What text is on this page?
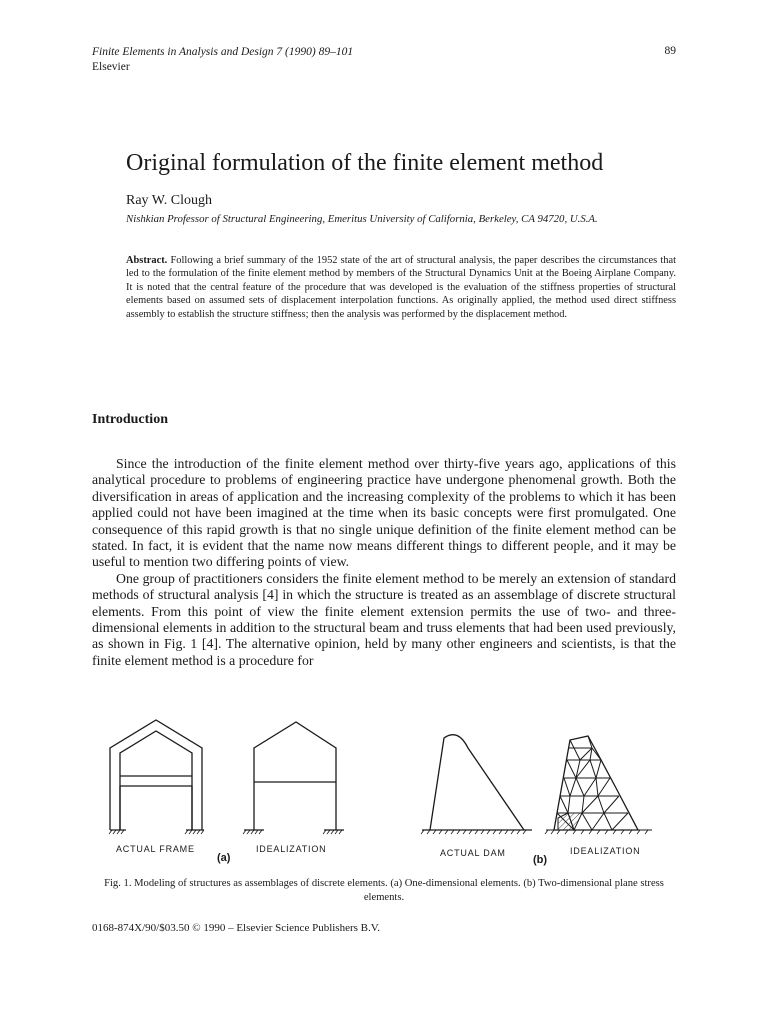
Finite Elements in Analysis and Design 7 (1990) 89–101
Elsevier
89
Original formulation of the finite element method
Ray W. Clough
Nishkian Professor of Structural Engineering, Emeritus University of California, Berkeley, CA 94720, U.S.A.
Abstract. Following a brief summary of the 1952 state of the art of structural analysis, the paper describes the circumstances that led to the formulation of the finite element method by members of the Structural Dynamics Unit at the Boeing Airplane Company. It is noted that the central feature of the procedure that was developed is the evaluation of the stiffness properties of structural elements based on assumed sets of displacement interpolation functions. As originally applied, the method used direct stiffness assembly to establish the structure stiffness; then the analysis was performed by the displacement method.
Introduction

Since the introduction of the finite element method over thirty-five years ago, applications of this analytical procedure to problems of engineering practice have undergone phenomenal growth. Both the diversification in areas of application and the increasing complexity of the problems to which it has been applied could not have been imagined at the time when its basic concepts were first promulgated. One consequence of this rapid growth is that no single unique definition of the finite element method can be stated. In fact, it is evident that the name now means different things to different people, and it may be useful to mention two differing points of view.

One group of practitioners considers the finite element method to be merely an extension of standard methods of structural analysis [4] in which the structure is treated as an assemblage of discrete structural elements. From this point of view the finite element extension permits the use of two- and three-dimensional elements in addition to the structural beam and truss elements that had been used previously, as shown in Fig. 1 [4]. The alternative opinion, held by many other engineers and scientists, is that the finite element method is a procedure for

ACTUAL FRAME	IDEALIZATION	ACTUAL DAM	IDEALIZATION
(a)	(b)
Fig. 1. Modeling of structures as assemblages of discrete elements. (a) One-dimensional elements. (b) Two-dimensional plane stress elements.
0168-874X/90/$03.50 © 1990 – Elsevier Science Publishers B.V.
